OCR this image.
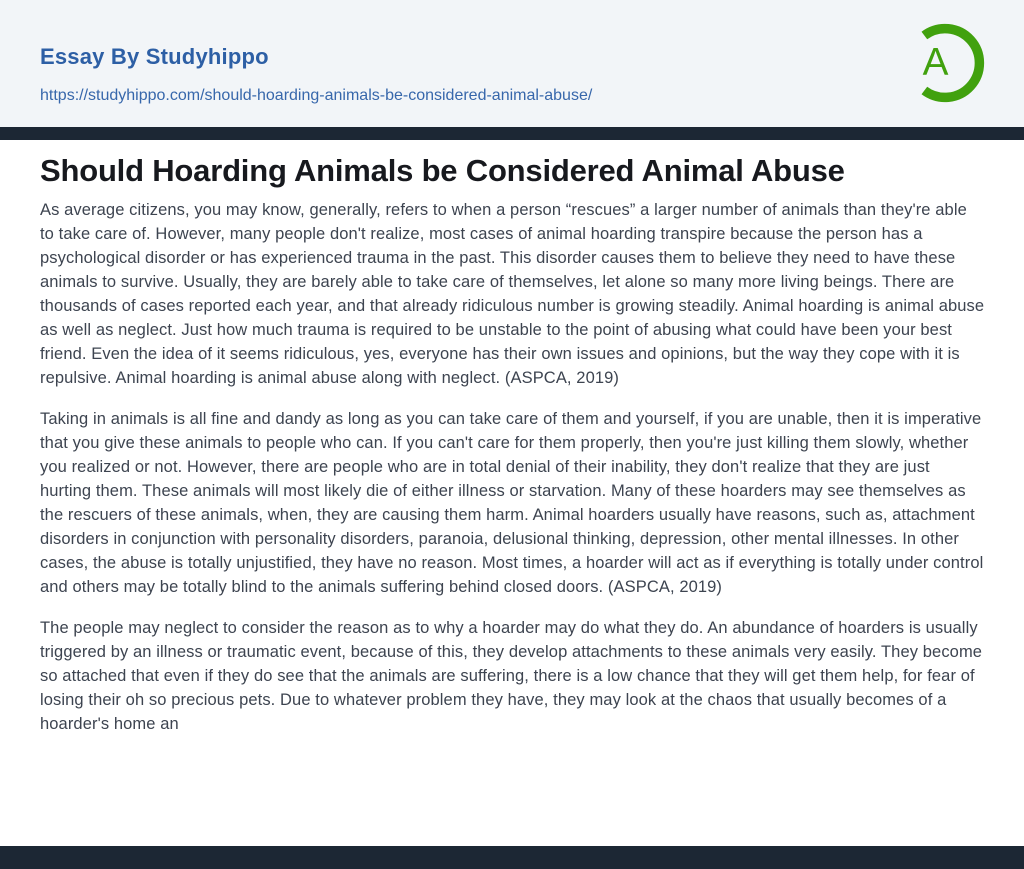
Essay By Studyhippo
https://studyhippo.com/should-hoarding-animals-be-considered-animal-abuse/
A
Should Hoarding Animals be Considered Animal Abuse

As average citizens, you may know, generally, refers to when a person “rescues” a larger number of animals than they're able to take care of. However, many people don't realize, most cases of animal hoarding transpire because the person has a psychological disorder or has experienced trauma in the past. This disorder causes them to believe they need to have these animals to survive. Usually, they are barely able to take care of themselves, let alone so many more living beings. There are thousands of cases reported each year, and that already ridiculous number is growing steadily. Animal hoarding is animal abuse as well as neglect. Just how much trauma is required to be unstable to the point of abusing what could have been your best friend. Even the idea of it seems ridiculous, yes, everyone has their own issues and opinions, but the way they cope with it is repulsive. Animal hoarding is animal abuse along with neglect. (ASPCA, 2019)

Taking in animals is all fine and dandy as long as you can take care of them and yourself, if you are unable, then it is imperative that you give these animals to people who can. If you can't care for them properly, then you're just killing them slowly, whether you realized or not. However, there are people who are in total denial of their inability, they don't realize that they are just hurting them. These animals will most likely die of either illness or starvation. Many of these hoarders may see themselves as the rescuers of these animals, when, they are causing them harm. Animal hoarders usually have reasons, such as, attachment disorders in conjunction with personality disorders, paranoia, delusional thinking, depression, other mental illnesses. In other cases, the abuse is totally unjustified, they have no reason. Most times, a hoarder will act as if everything is totally under control and others may be totally blind to the animals suffering behind closed doors. (ASPCA, 2019)

The people may neglect to consider the reason as to why a hoarder may do what they do. An abundance of hoarders is usually triggered by an illness or traumatic event, because of this, they develop attachments to these animals very easily. They become so attached that even if they do see that the animals are suffering, there is a low chance that they will get them help, for fear of losing their oh so precious pets. Due to whatever problem they have, they may look at the chaos that usually becomes of a hoarder's home an
